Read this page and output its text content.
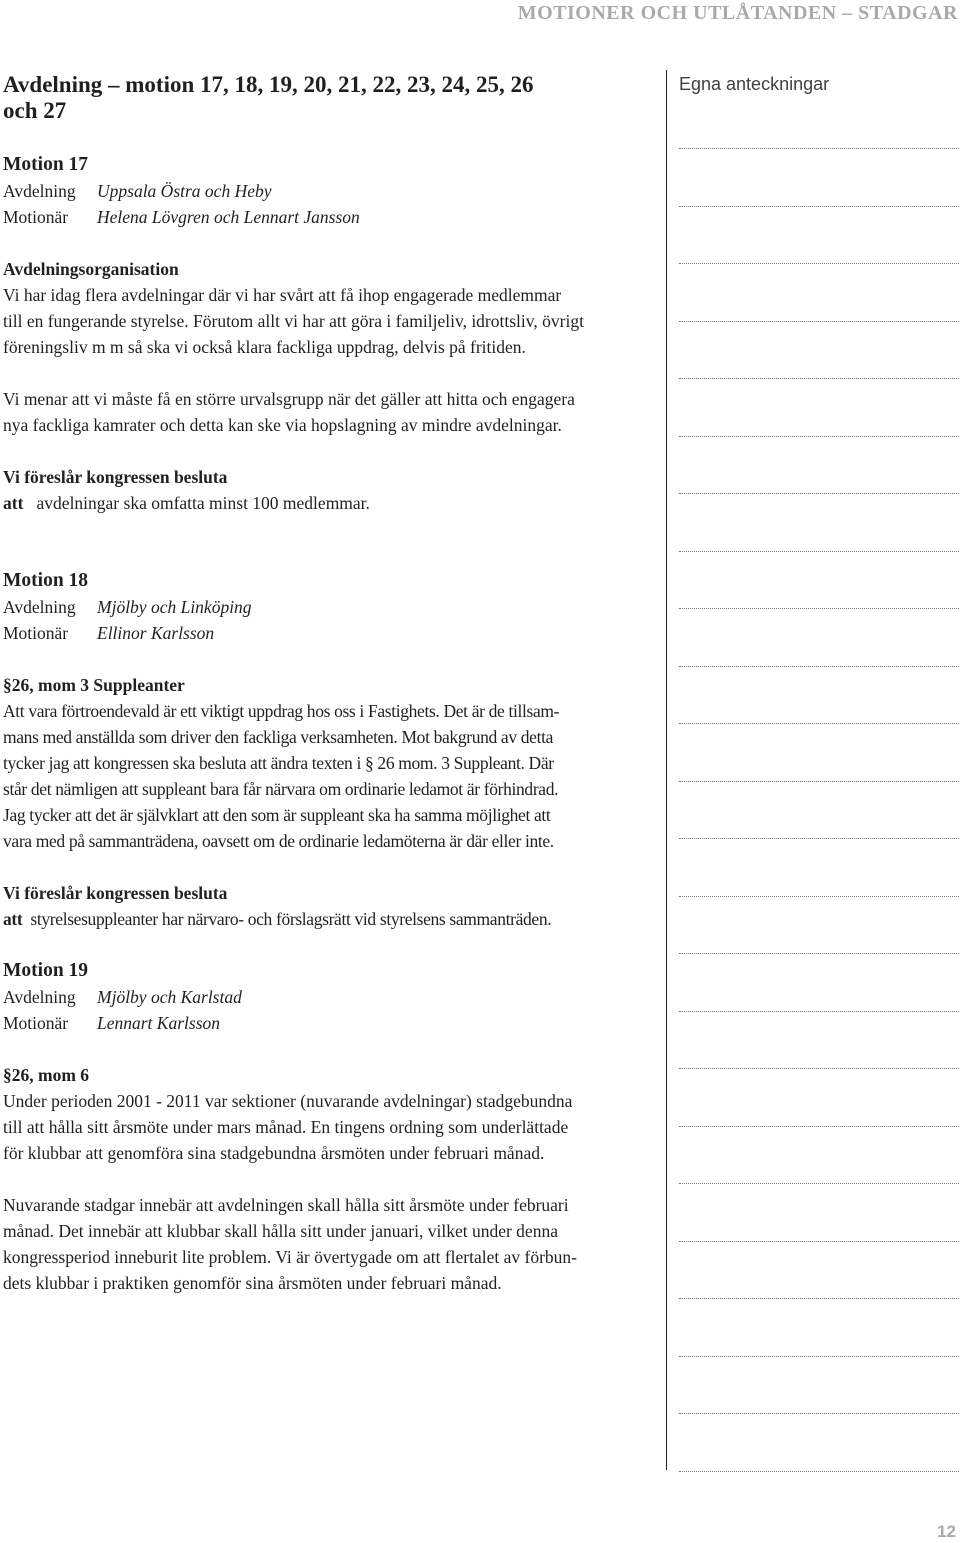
MOTIONER OCH UTLÅTANDEN – STADGAR
Avdelning – motion 17, 18, 19, 20, 21, 22, 23, 24, 25, 26
och 27
Motion 17
Avdelning Uppsala Östra och Heby
Motionär Helena Lövgren och Lennart Jansson
Avdelningsorganisation

Vi har idag flera avdelningar där vi har svårt att få ihop engagerade medlemmar
till en fungerande styrelse. Förutom allt vi har att göra i familjeliv, idrottsliv, övrigt
föreningsliv m m så ska vi också klara fackliga uppdrag, delvis på fritiden.

Vi menar att vi måste få en större urvalsgrupp när det gäller att hitta och engagera
nya fackliga kamrater och detta kan ske via hopslagning av mindre avdelningar.

Vi föreslår kongressen besluta

att avdelningar ska omfatta minst 100 medlemmar.

Motion 18
Avdelning Mjölby och Linköping
Motionär Ellinor Karlsson
§26, mom 3 Suppleanter

Att vara förtroendevald är ett viktigt uppdrag hos oss i Fastighets. Det är de tillsam-
mans med anställda som driver den fackliga verksamheten. Mot bakgrund av detta
tycker jag att kongressen ska besluta att ändra texten i § 26 mom. 3 Suppleant. Där
står det nämligen att suppleant bara får närvara om ordinarie ledamot är förhindrad.
Jag tycker att det är självklart att den som är suppleant ska ha samma möjlighet att
vara med på sammanträdena, oavsett om de ordinarie ledamöterna är där eller inte.

Vi föreslår kongressen besluta

att styrelsesuppleanter har närvaro- och förslagsrätt vid styrelsens sammanträden.

Motion 19
Avdelning Mjölby och Karlstad
Motionär Lennart Karlsson
§26, mom 6

Under perioden 2001 - 2011 var sektioner (nuvarande avdelningar) stadgebundna
till att hålla sitt årsmöte under mars månad. En tingens ordning som underlättade
för klubbar att genomföra sina stadgebundna årsmöten under februari månad.

Nuvarande stadgar innebär att avdelningen skall hålla sitt årsmöte under februari
månad. Det innebär att klubbar skall hålla sitt under januari, vilket under denna
kongressperiod inneburit lite problem. Vi är övertygade om att flertalet av förbun-
dets klubbar i praktiken genomför sina årsmöten under februari månad.

Egna anteckningar
12
